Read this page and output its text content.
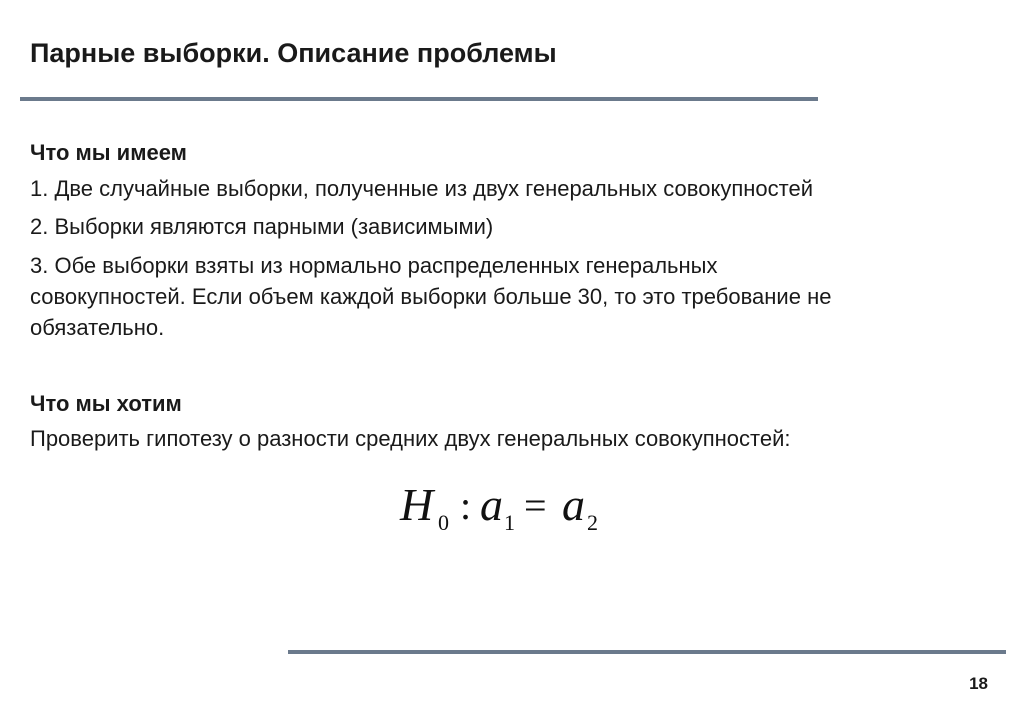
Парные выборки. Описание проблемы

Что мы имеем

1. Две случайные выборки, полученные из двух генеральных совокупностей

2. Выборки являются парными (зависимыми)

3. Обе выборки взяты из нормально распределенных генеральных

совокупностей. Если объем каждой выборки больше 30, то это требование не

обязательно.

Что мы хотим

Проверить гипотезу о разности средних двух генеральных совокупностей:

H 0 : a 1 = a 2

18
